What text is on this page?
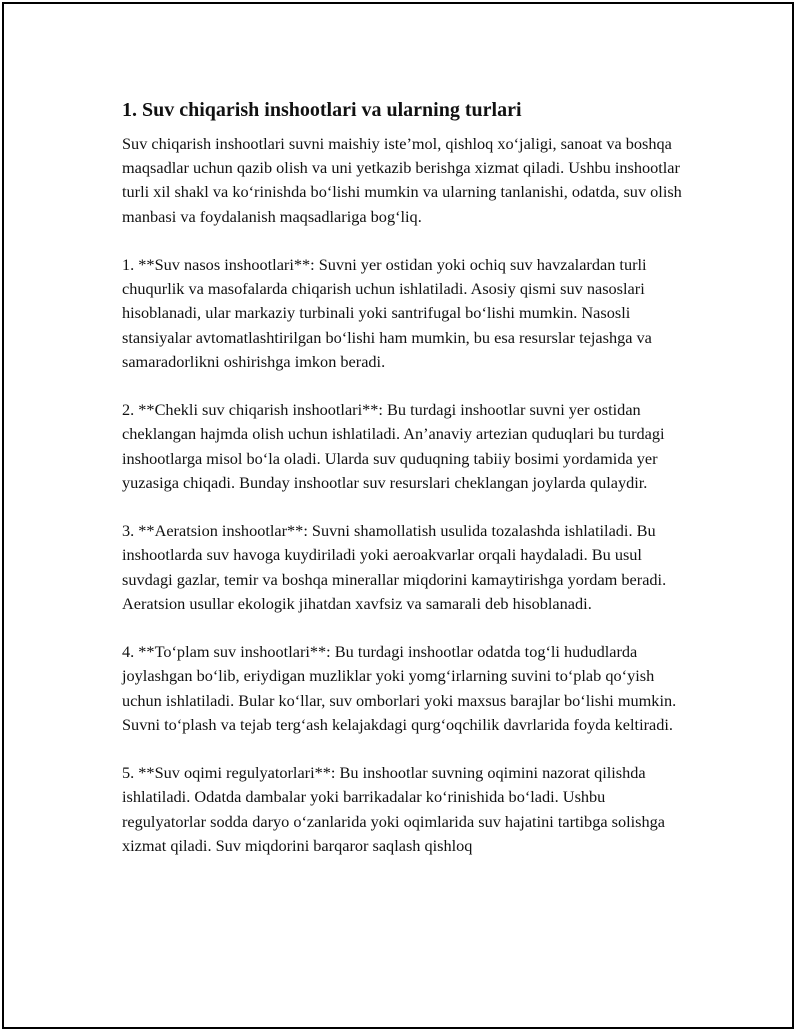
1. Suv chiqarish inshootlari va ularning turlari

Suv chiqarish inshootlari suvni maishiy iste’mol, qishloq xo‘jaligi, sanoat va boshqa maqsadlar uchun qazib olish va uni yetkazib berishga xizmat qiladi. Ushbu inshootlar turli xil shakl va ko‘rinishda bo‘lishi mumkin va ularning tanlanishi, odatda, suv olish manbasi va foydalanish maqsadlariga bog‘liq.

1. **Suv nasos inshootlari**: Suvni yer ostidan yoki ochiq suv havzalardan turli chuqurlik va masofalarda chiqarish uchun ishlatiladi. Asosiy qismi suv nasoslari hisoblanadi, ular markaziy turbinali yoki santrifugal bo‘lishi mumkin. Nasosli stansiyalar avtomatlashtirilgan bo‘lishi ham mumkin, bu esa resurslar tejashga va samaradorlikni oshirishga imkon beradi.

2. **Chekli suv chiqarish inshootlari**: Bu turdagi inshootlar suvni yer ostidan cheklangan hajmda olish uchun ishlatiladi. An’anaviy artezian quduqlari bu turdagi inshootlarga misol bo‘la oladi. Ularda suv quduqning tabiiy bosimi yordamida yer yuzasiga chiqadi. Bunday inshootlar suv resurslari cheklangan joylarda qulaydir.

3. **Aeratsion inshootlar**: Suvni shamollatish usulida tozalashda ishlatiladi. Bu inshootlarda suv havoga kuydiriladi yoki aeroakvarlar orqali haydaladi. Bu usul suvdagi gazlar, temir va boshqa minerallar miqdorini kamaytirishga yordam beradi. Aeratsion usullar ekologik jihatdan xavfsiz va samarali deb hisoblanadi.

4. **To‘plam suv inshootlari**: Bu turdagi inshootlar odatda tog‘li hududlarda joylashgan bo‘lib, eriydigan muzliklar yoki yomg‘irlarning suvini to‘plab qo‘yish uchun ishlatiladi. Bular ko‘llar, suv omborlari yoki maxsus barajlar bo‘lishi mumkin. Suvni to‘plash va tejab terg‘ash kelajakdagi qurg‘oqchilik davrlarida foyda keltiradi.

5. **Suv oqimi regulyatorlari**: Bu inshootlar suvning oqimini nazorat qilishda ishlatiladi. Odatda dambalar yoki barrikadalar ko‘rinishida bo‘ladi. Ushbu regulyatorlar sodda daryo o‘zanlarida yoki oqimlarida suv hajatini tartibga solishga xizmat qiladi. Suv miqdorini barqaror saqlash qishloq
